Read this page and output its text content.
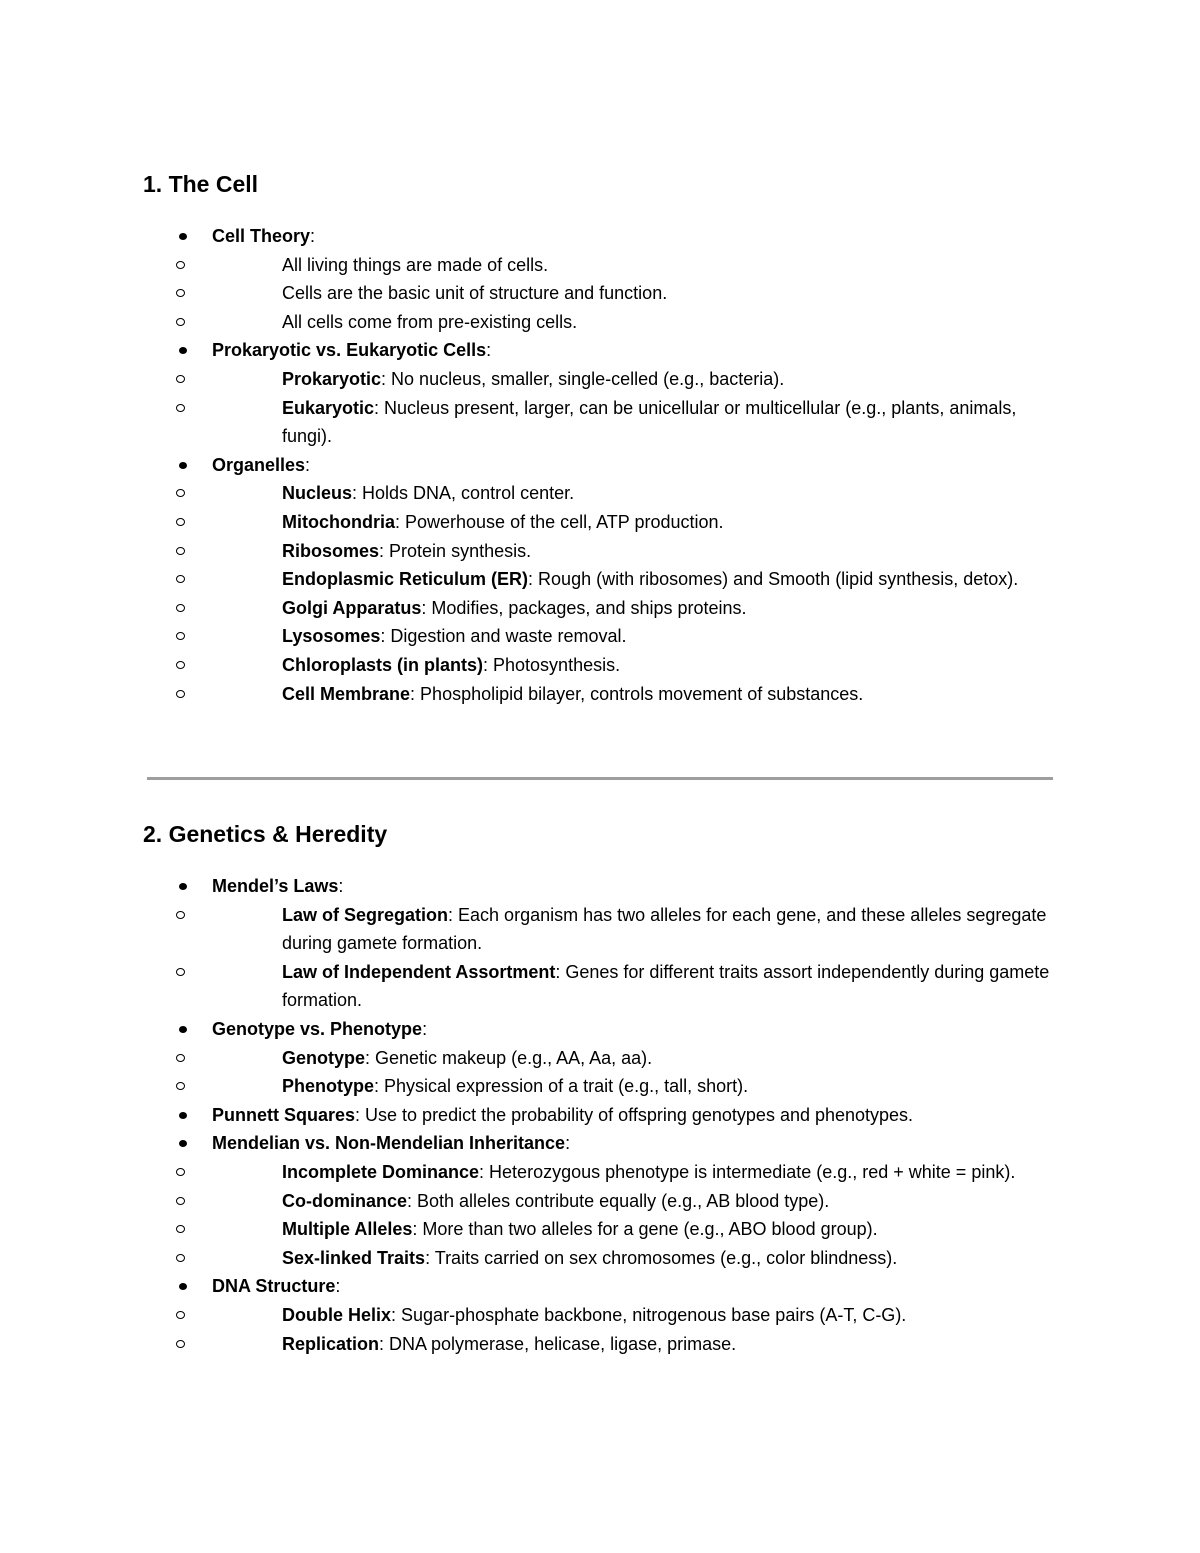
1. The Cell
Cell Theory:
All living things are made of cells.
Cells are the basic unit of structure and function.
All cells come from pre-existing cells.
Prokaryotic vs. Eukaryotic Cells:
Prokaryotic: No nucleus, smaller, single-celled (e.g., bacteria).
Eukaryotic: Nucleus present, larger, can be unicellular or multicellular (e.g., plants, animals, fungi).
Organelles:
Nucleus: Holds DNA, control center.
Mitochondria: Powerhouse of the cell, ATP production.
Ribosomes: Protein synthesis.
Endoplasmic Reticulum (ER): Rough (with ribosomes) and Smooth (lipid synthesis, detox).
Golgi Apparatus: Modifies, packages, and ships proteins.
Lysosomes: Digestion and waste removal.
Chloroplasts (in plants): Photosynthesis.
Cell Membrane: Phospholipid bilayer, controls movement of substances.
2. Genetics & Heredity
Mendel’s Laws:
Law of Segregation: Each organism has two alleles for each gene, and these alleles segregate during gamete formation.
Law of Independent Assortment: Genes for different traits assort independently during gamete formation.
Genotype vs. Phenotype:
Genotype: Genetic makeup (e.g., AA, Aa, aa).
Phenotype: Physical expression of a trait (e.g., tall, short).
Punnett Squares: Use to predict the probability of offspring genotypes and phenotypes.
Mendelian vs. Non-Mendelian Inheritance:
Incomplete Dominance: Heterozygous phenotype is intermediate (e.g., red + white = pink).
Co-dominance: Both alleles contribute equally (e.g., AB blood type).
Multiple Alleles: More than two alleles for a gene (e.g., ABO blood group).
Sex-linked Traits: Traits carried on sex chromosomes (e.g., color blindness).
DNA Structure:
Double Helix: Sugar-phosphate backbone, nitrogenous base pairs (A-T, C-G).
Replication: DNA polymerase, helicase, ligase, primase.
